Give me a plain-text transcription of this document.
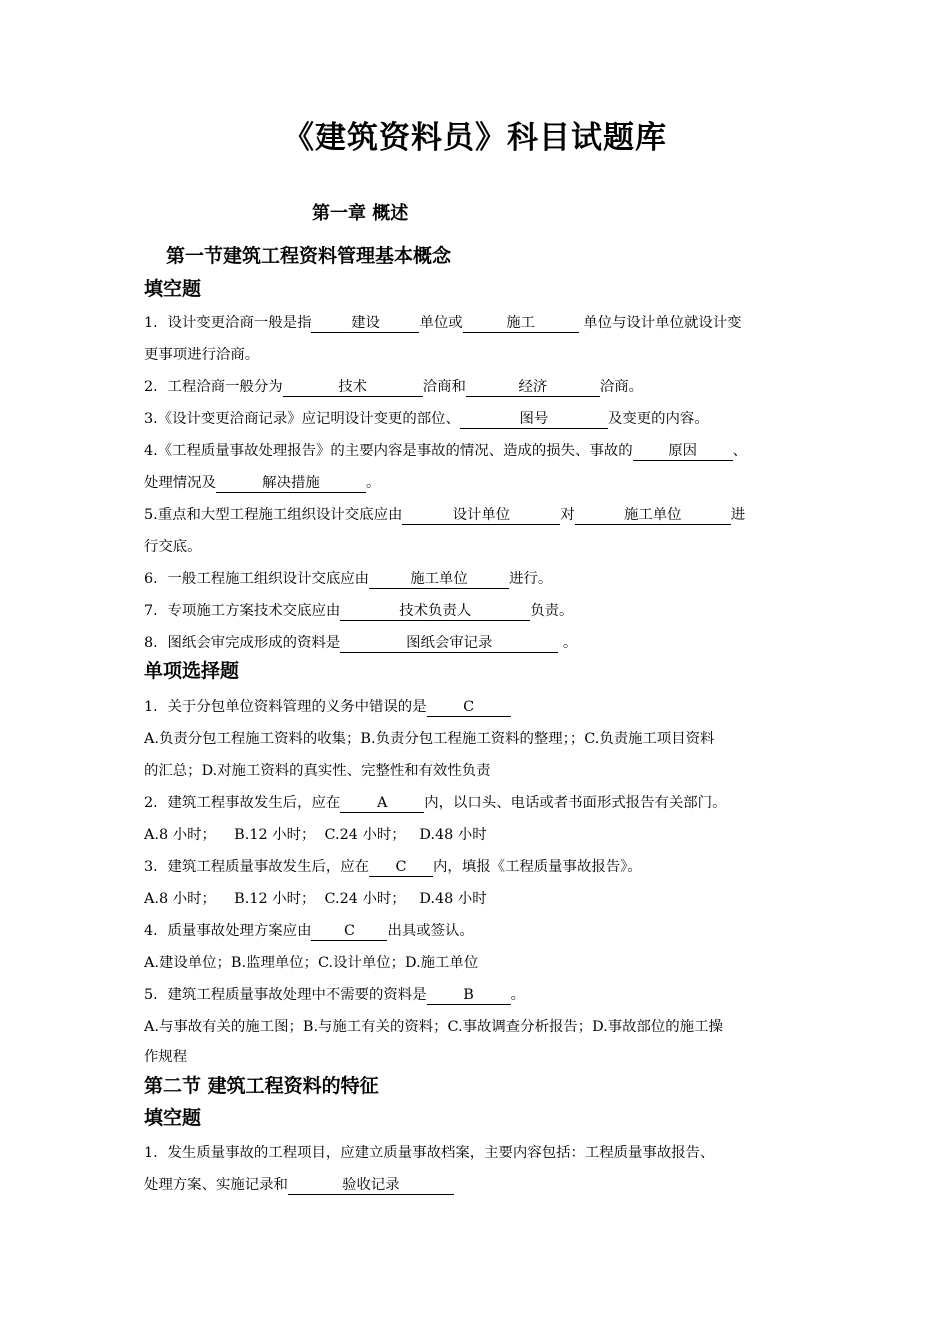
《建筑资料员》科目试题库
第一章 概述
第一节建筑工程资料管理基本概念
填空题
1．设计变更洽商一般是指	建设	单位或	施工	单位与设计单位就设计变
更事项进行洽商。
2．工程洽商一般分为	技术	洽商和	经济	洽商。
3.《设计变更洽商记录》应记明设计变更的部位、	图号	及变更的内容。
4.《工程质量事故处理报告》的主要内容是事故的情况、造成的损失、事故的 原因 、
处理情况及	解决措施	。
5.重点和大型工程施工组织设计交底应由	设计单位	对	施工单位	进
行交底。
6．一般工程施工组织设计交底应由	施工单位	进行。
7．专项施工方案技术交底应由	技术负责人	负责。
8．图纸会审完成形成的资料是	图纸会审记录	。
单项选择题
1．关于分包单位资料管理的义务中错误的是	C
A.负责分包工程施工资料的收集；B.负责分包工程施工资料的整理；；C.负责施工项目资料
的汇总；D.对施工资料的真实性、完整性和有效性负责
2．建筑工程事故发生后，应在	A	内，以口头、电话或者书面形式报告有关部门。
A.8 小时；    B.12 小时；  C.24 小时；   D.48 小时
3．建筑工程质量事故发生后，应在 C 内，填报《工程质量事故报告》。
A.8 小时；    B.12 小时；  C.24 小时；   D.48 小时
4．质量事故处理方案应由 C 出具或签认。
A.建设单位；B.监理单位；C.设计单位；D.施工单位
5．建筑工程质量事故处理中不需要的资料是	B	。
A.与事故有关的施工图；B.与施工有关的资料；C.事故调查分析报告；D.事故部位的施工操
作规程
第二节 建筑工程资料的特征
填空题
1．发生质量事故的工程项目，应建立质量事故档案，主要内容包括：工程质量事故报告、
处理方案、实施记录和	验收记录
